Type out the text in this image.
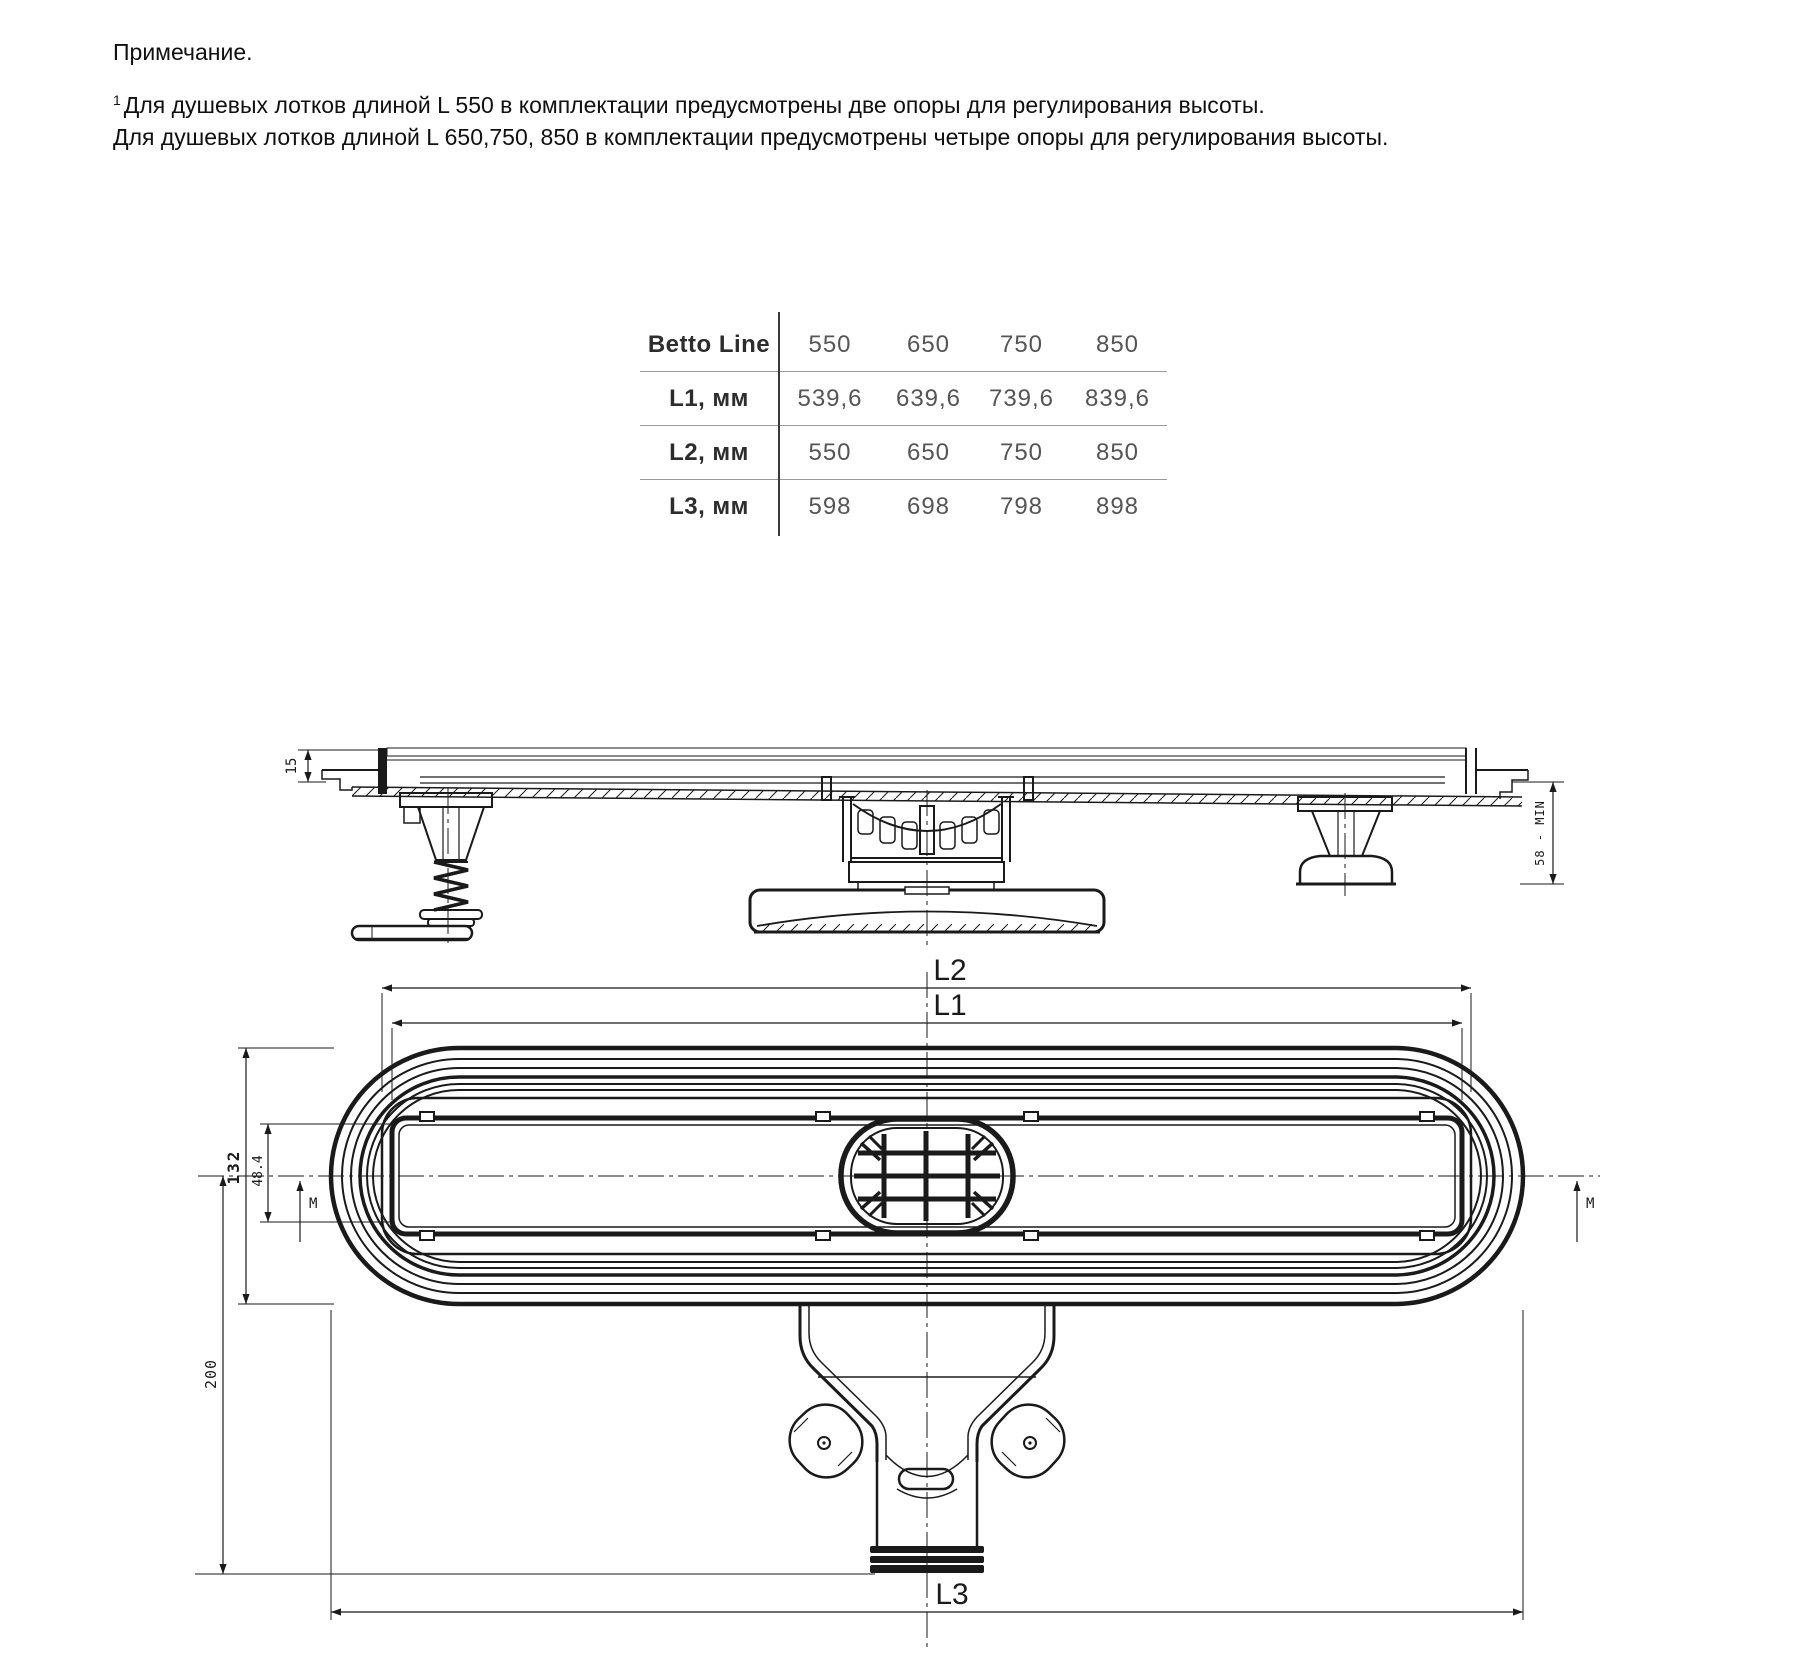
Примечание.
$^1$ Для душевых лотков длиной L 550 в комплектации предусмотрены две опоры для регулирования высоты.
Для душевых лотков длиной L 650,750, 850 в комплектации предусмотрены четыре опоры для регулирования высоты.
Betto Line	550	650	750	850
L1, мм	539,6	639,6	739,6	839,6
L2, мм	550	650	750	850
L3, мм	598	698	798	898
15
58 - MIN
L2
L1
L3
132 48.4
M	M
200
